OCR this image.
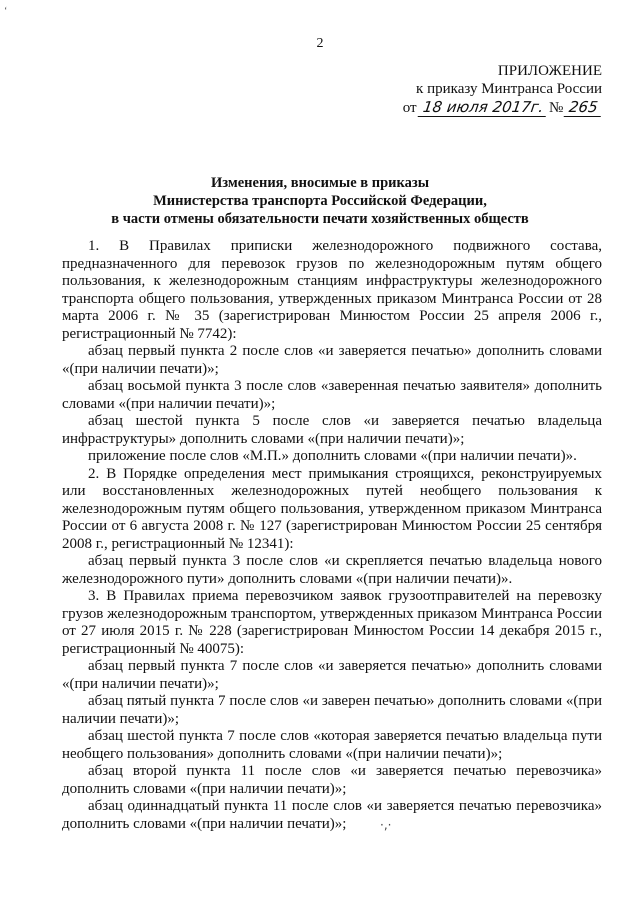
‘
2
ПРИЛОЖЕНИЕ
к приказу Минтранса России
от 18 июля 2017г. № 265
Изменения, вносимые в приказы
Министерства транспорта Российской Федерации,
в части отмены обязательности печати хозяйственных обществ

1. В Правилах приписки железнодорожного подвижного состава, предназначенного для перевозок грузов по железнодорожным путям общего пользования, к железнодорожным станциям инфраструктуры железнодорожного транспорта общего пользования, утвержденных приказом Минтранса России от 28 марта 2006 г. № 35 (зарегистрирован Минюстом России 25 апреля 2006 г., регистрационный № 7742):

абзац первый пункта 2 после слов «и заверяется печатью» дополнить словами «(при наличии печати)»;

абзац восьмой пункта 3 после слов «заверенная печатью заявителя» дополнить словами «(при наличии печати)»;

абзац шестой пункта 5 после слов «и заверяется печатью владельца инфраструктуры» дополнить словами «(при наличии печати)»;

приложение после слов «М.П.» дополнить словами «(при наличии печати)».

2. В Порядке определения мест примыкания строящихся, реконструируемых или восстановленных железнодорожных путей необщего пользования к железнодорожным путям общего пользования, утвержденном приказом Минтранса России от 6 августа 2008 г. № 127 (зарегистрирован Минюстом России 25 сентября 2008 г., регистрационный № 12341):

абзац первый пункта 3 после слов «и скрепляется печатью владельца нового железнодорожного пути» дополнить словами «(при наличии печати)».

3. В Правилах приема перевозчиком заявок грузоотправителей на перевозку грузов железнодорожным транспортом, утвержденных приказом Минтранса России от 27 июля 2015 г. № 228 (зарегистрирован Минюстом России 14 декабря 2015 г., регистрационный № 40075):

абзац первый пункта 7 после слов «и заверяется печатью» дополнить словами «(при наличии печати)»;

абзац пятый пункта 7 после слов «и заверен печатью» дополнить словами «(при наличии печати)»;

абзац шестой пункта 7 после слов «которая заверяется печатью владельца пути необщего пользования» дополнить словами «(при наличии печати)»;

абзац второй пункта 11 после слов «и заверяется печатью перевозчика» дополнить словами «(при наличии печати)»;

абзац одиннадцатый пункта 11 после слов «и заверяется печатью перевозчика» дополнить словами «(при наличии печати)»;	·,·
